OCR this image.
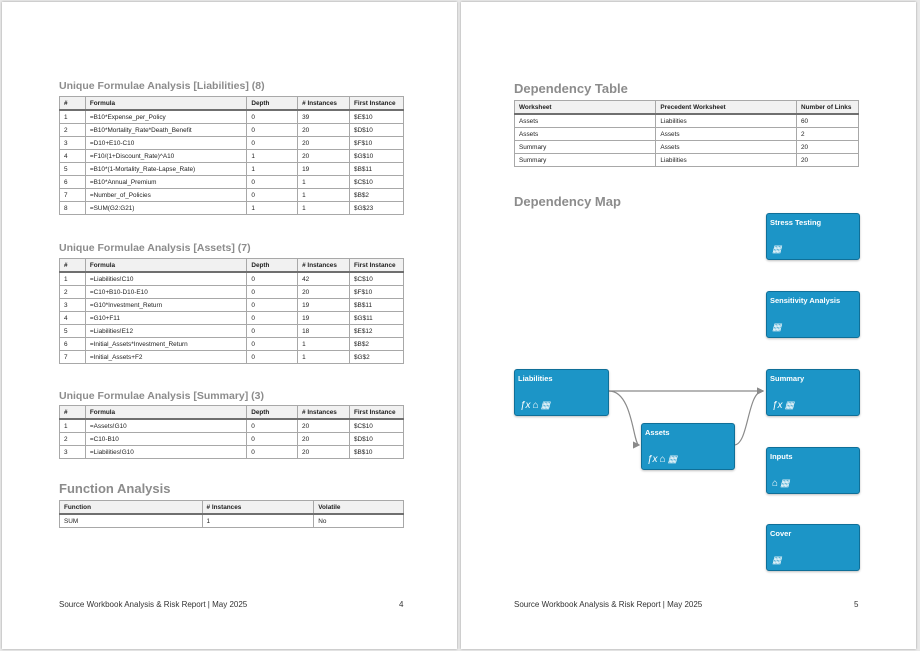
Unique Formulae Analysis [Liabilities] (8)
#	Formula	Depth	# Instances	First Instance
1	=B10*Expense_per_Policy	0	39	$E$10
2	=B10*Mortality_Rate*Death_Benefit	0	20	$D$10
3	=D10+E10-C10	0	20	$F$10
4	=F10/(1+Discount_Rate)^A10	1	20	$G$10
5	=B10*(1-Mortality_Rate-Lapse_Rate)	1	19	$B$11
6	=B10*Annual_Premium	0	1	$C$10
7	=Number_of_Policies	0	1	$B$2
8	=SUM(G2:G21)	1	1	$G$23
Unique Formulae Analysis [Assets] (7)
#	Formula	Depth	# Instances	First Instance
1	=Liabilities!C10	0	42	$C$10
2	=C10+B10-D10-E10	0	20	$F$10
3	=G10*Investment_Return	0	19	$B$11
4	=G10+F11	0	19	$G$11
5	=Liabilities!E12	0	18	$E$12
6	=Initial_Assets*Investment_Return	0	1	$B$2
7	=Initial_Assets+F2	0	1	$G$2
Unique Formulae Analysis [Summary] (3)
#	Formula	Depth	# Instances	First Instance
1	=Assets!G10	0	20	$C$10
2	=C10-B10	0	20	$D$10
3	=Liabilities!G10	0	20	$B$10
Function Analysis
Function	# Instances	Volatile
SUM	1	No
Source Workbook Analysis & Risk Report | May 2025	4
Dependency Table
Worksheet	Precedent Worksheet	Number of Links
Assets	Liabilities	60
Assets	Assets	2
Summary	Assets	20
Summary	Liabilities	20
Dependency Map
Stress Testing
▦
Sensitivity Analysis
▦
Liabilities
ƒx ⌂ ▦
Summary
ƒx ▦
Assets
ƒx ⌂ ▦	Inputs
⌂ ▦
Cover
▦
Source Workbook Analysis & Risk Report | May 2025	5
